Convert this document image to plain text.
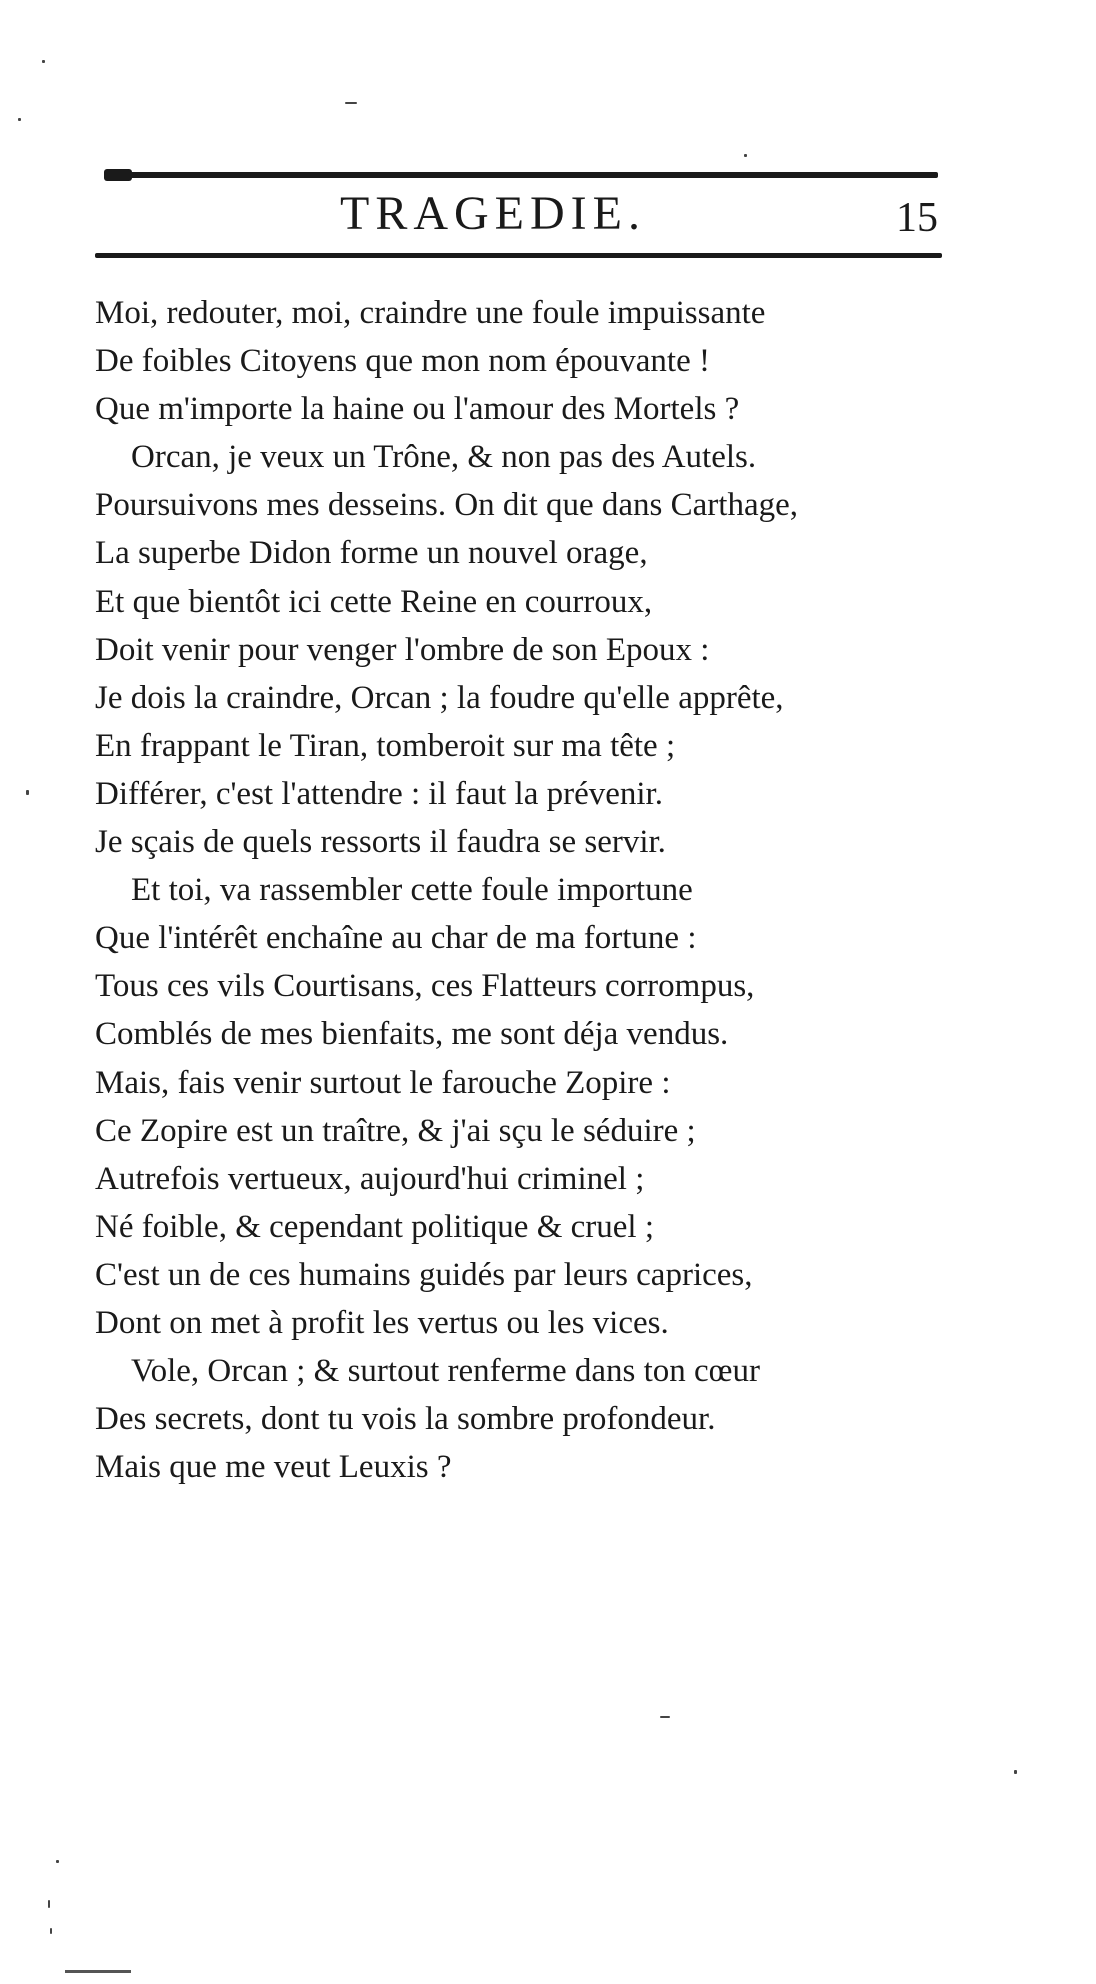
TRAGEDIE.	15
Moi, redouter, moi, craindre une foule impuissante
De foibles Citoyens que mon nom épouvante !
Que m'importe la haine ou l'amour des Mortels ?
Orcan, je veux un Trône, & non pas des Autels.
Poursuivons mes desseins. On dit que dans Carthage,
La superbe Didon forme un nouvel orage,
Et que bientôt ici cette Reine en courroux,
Doit venir pour venger l'ombre de son Epoux :
Je dois la craindre, Orcan ; la foudre qu'elle apprête,
En frappant le Tiran, tomberoit sur ma tête ;
Différer, c'est l'attendre : il faut la prévenir.
Je sçais de quels ressorts il faudra se servir.
Et toi, va rassembler cette foule importune
Que l'intérêt enchaîne au char de ma fortune :
Tous ces vils Courtisans, ces Flatteurs corrompus,
Comblés de mes bienfaits, me sont déja vendus.
Mais, fais venir surtout le farouche Zopire :
Ce Zopire est un traître, & j'ai sçu le séduire ;
Autrefois vertueux, aujourd'hui criminel ;
Né foible, & cependant politique & cruel ;
C'est un de ces humains guidés par leurs caprices,
Dont on met à profit les vertus ou les vices.
Vole, Orcan ; & surtout renferme dans ton cœur
Des secrets, dont tu vois la sombre profondeur.
Mais que me veut Leuxis ?
